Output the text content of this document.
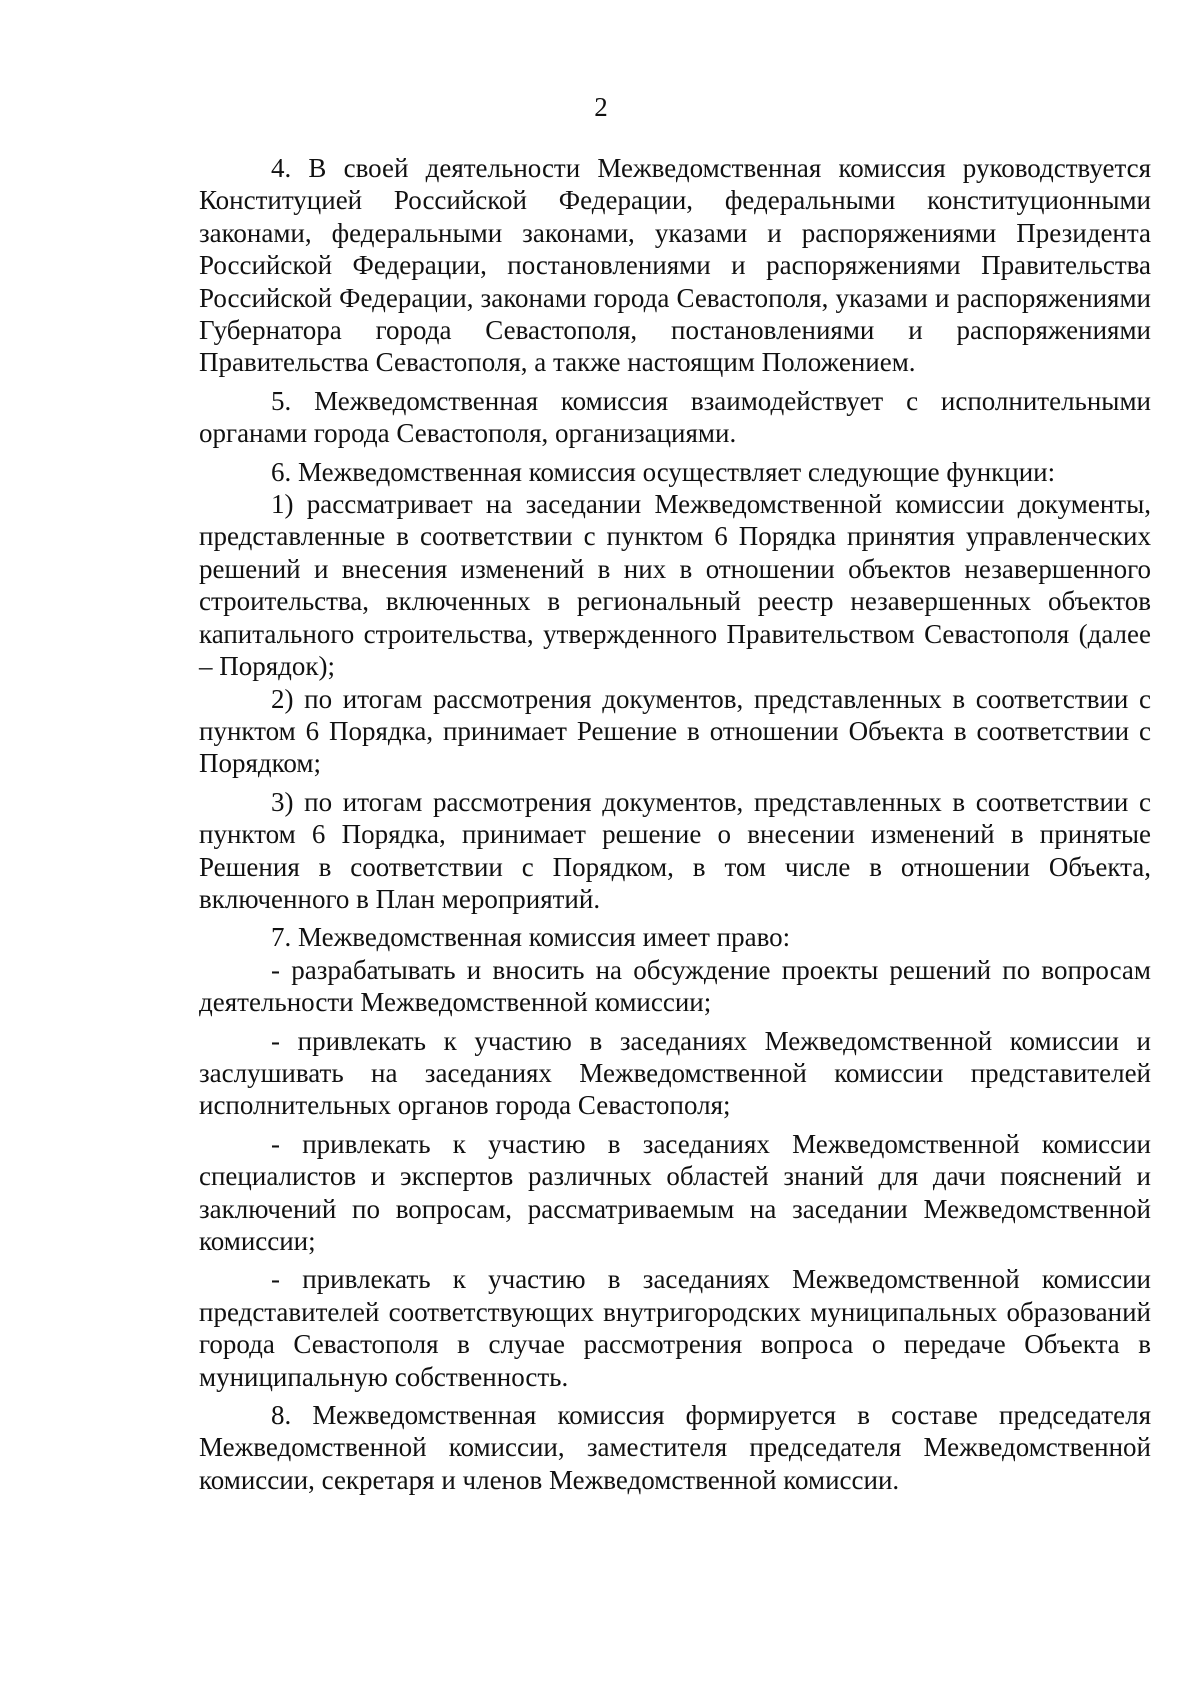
2

4. В своей деятельности Межведомственная комиссия руководствуется Конституцией Российской Федерации, федеральными конституционными законами, федеральными законами, указами и распоряжениями Президента Российской Федерации, постановлениями и распоряжениями Правительства Российской Федерации, законами города Севастополя, указами и распоряжениями Губернатора города Севастополя, постановлениями и распоряжениями Правительства Севастополя, а также настоящим Положением.

5. Межведомственная комиссия взаимодействует с исполнительными органами города Севастополя, организациями.

6. Межведомственная комиссия осуществляет следующие функции:

1) рассматривает на заседании Межведомственной комиссии документы, представленные в соответствии с пунктом 6 Порядка принятия управленческих решений и внесения изменений в них в отношении объектов незавершенного строительства, включенных в региональный реестр незавершенных объектов капитального строительства, утвержденного Правительством Севастополя (далее – Порядок);

2) по итогам рассмотрения документов, представленных в соответствии с пунктом 6 Порядка, принимает Решение в отношении Объекта в соответствии с Порядком;

3) по итогам рассмотрения документов, представленных в соответствии с пунктом 6 Порядка, принимает решение о внесении изменений в принятые Решения в соответствии с Порядком, в том числе в отношении Объекта, включенного в План мероприятий.

7. Межведомственная комиссия имеет право:

- разрабатывать и вносить на обсуждение проекты решений по вопросам деятельности Межведомственной комиссии;

- привлекать к участию в заседаниях Межведомственной комиссии и заслушивать на заседаниях Межведомственной комиссии представителей исполнительных органов города Севастополя;

- привлекать к участию в заседаниях Межведомственной комиссии специалистов и экспертов различных областей знаний для дачи пояснений и заключений по вопросам, рассматриваемым на заседании Межведомственной комиссии;

- привлекать к участию в заседаниях Межведомственной комиссии представителей соответствующих внутригородских муниципальных образований города Севастополя в случае рассмотрения вопроса о передаче Объекта в муниципальную собственность.

8. Межведомственная комиссия формируется в составе председателя Межведомственной комиссии, заместителя председателя Межведомственной комиссии, секретаря и членов Межведомственной комиссии.
